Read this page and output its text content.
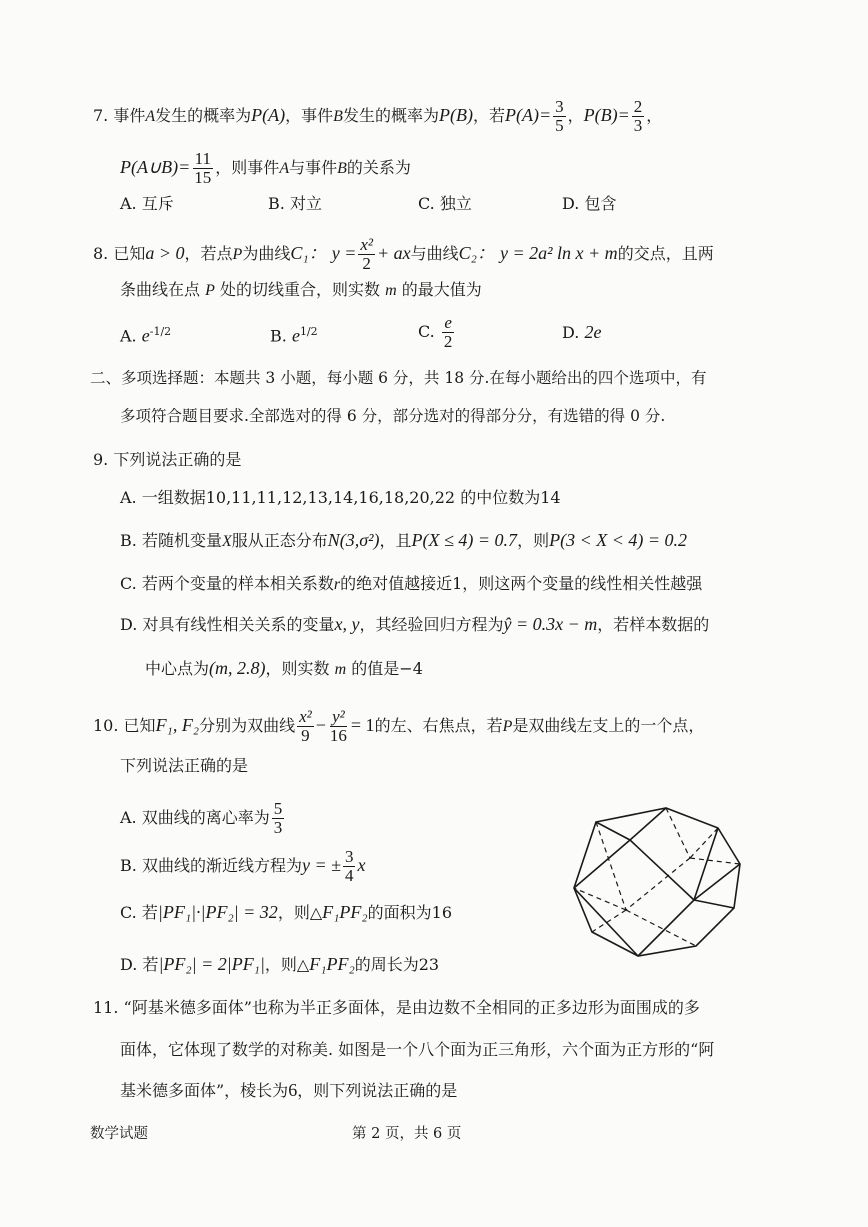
7. 事件A发生的概率为P(A)，事件B发生的概率为P(B)，若$P(A)= \frac{3}{5}$ ，$P(B)= \frac{2}{3}$ ，
P(A∪B)= $\frac{11}{15}$ ，则事件A与事件B的关系为
A. 互斥	B. 对立	C. 独立	D. 包含
8. 已知a > 0，若点P为曲线C₁： $y = \frac{\text{x²}}{2}$ + ax与曲线C₂： y = 2a² ln x + m的交点，且两
条曲线在点 P 处的切线重合，则实数 m 的最大值为
A. $e^{-1/2}$	B. $e^{1/2}$	C. $\frac{e}{2}$	D. 2e
二、多项选择题：本题共 3 小题，每小题 6 分，共 18 分.在每小题给出的四个选项中，有
多项符合题目要求.全部选对的得 6 分，部分选对的得部分分，有选错的得 0 分.
9. 下列说法正确的是
A. 一组数据10,11,11,12,13,14,16,18,20,22 的中位数为14
B. 若随机变量X服从正态分布N(3,σ²)，且P(X ≤ 4) = 0.7，则P(3 < X < 4) = 0.2
C. 若两个变量的样本相关系数r的绝对值越接近1，则这两个变量的线性相关性越强
D. 对具有线性相关关系的变量x, y，其经验回归方程为ŷ = 0.3x − m，若样本数据的
中心点为(m, 2.8)，则实数 m 的值是−4
10. 已知F₁, F₂分别为双曲线 $\frac{\text{x²}}{9} - \frac{\text{y²}}{16} = 1$的左、右焦点，若P是双曲线左支上的一个点，
下列说法正确的是
A. 双曲线的离心率为 $\frac{5}{3}$
B. 双曲线的渐近线方程为y = ± $\frac{3}{4}$ x
C. 若|PF₁|·|PF₂| = 32，则△F₁PF₂的面积为16
D. 若|PF₂| = 2|PF₁|，则△F₁PF₂的周长为23
11. “阿基米德多面体”也称为半正多面体，是由边数不全相同的正多边形为面围成的多
面体，它体现了数学的对称美. 如图是一个八个面为正三角形，六个面为正方形的“阿
基米德多面体”，棱长为6，则下列说法正确的是
数学试题	第 2 页，共 6 页
